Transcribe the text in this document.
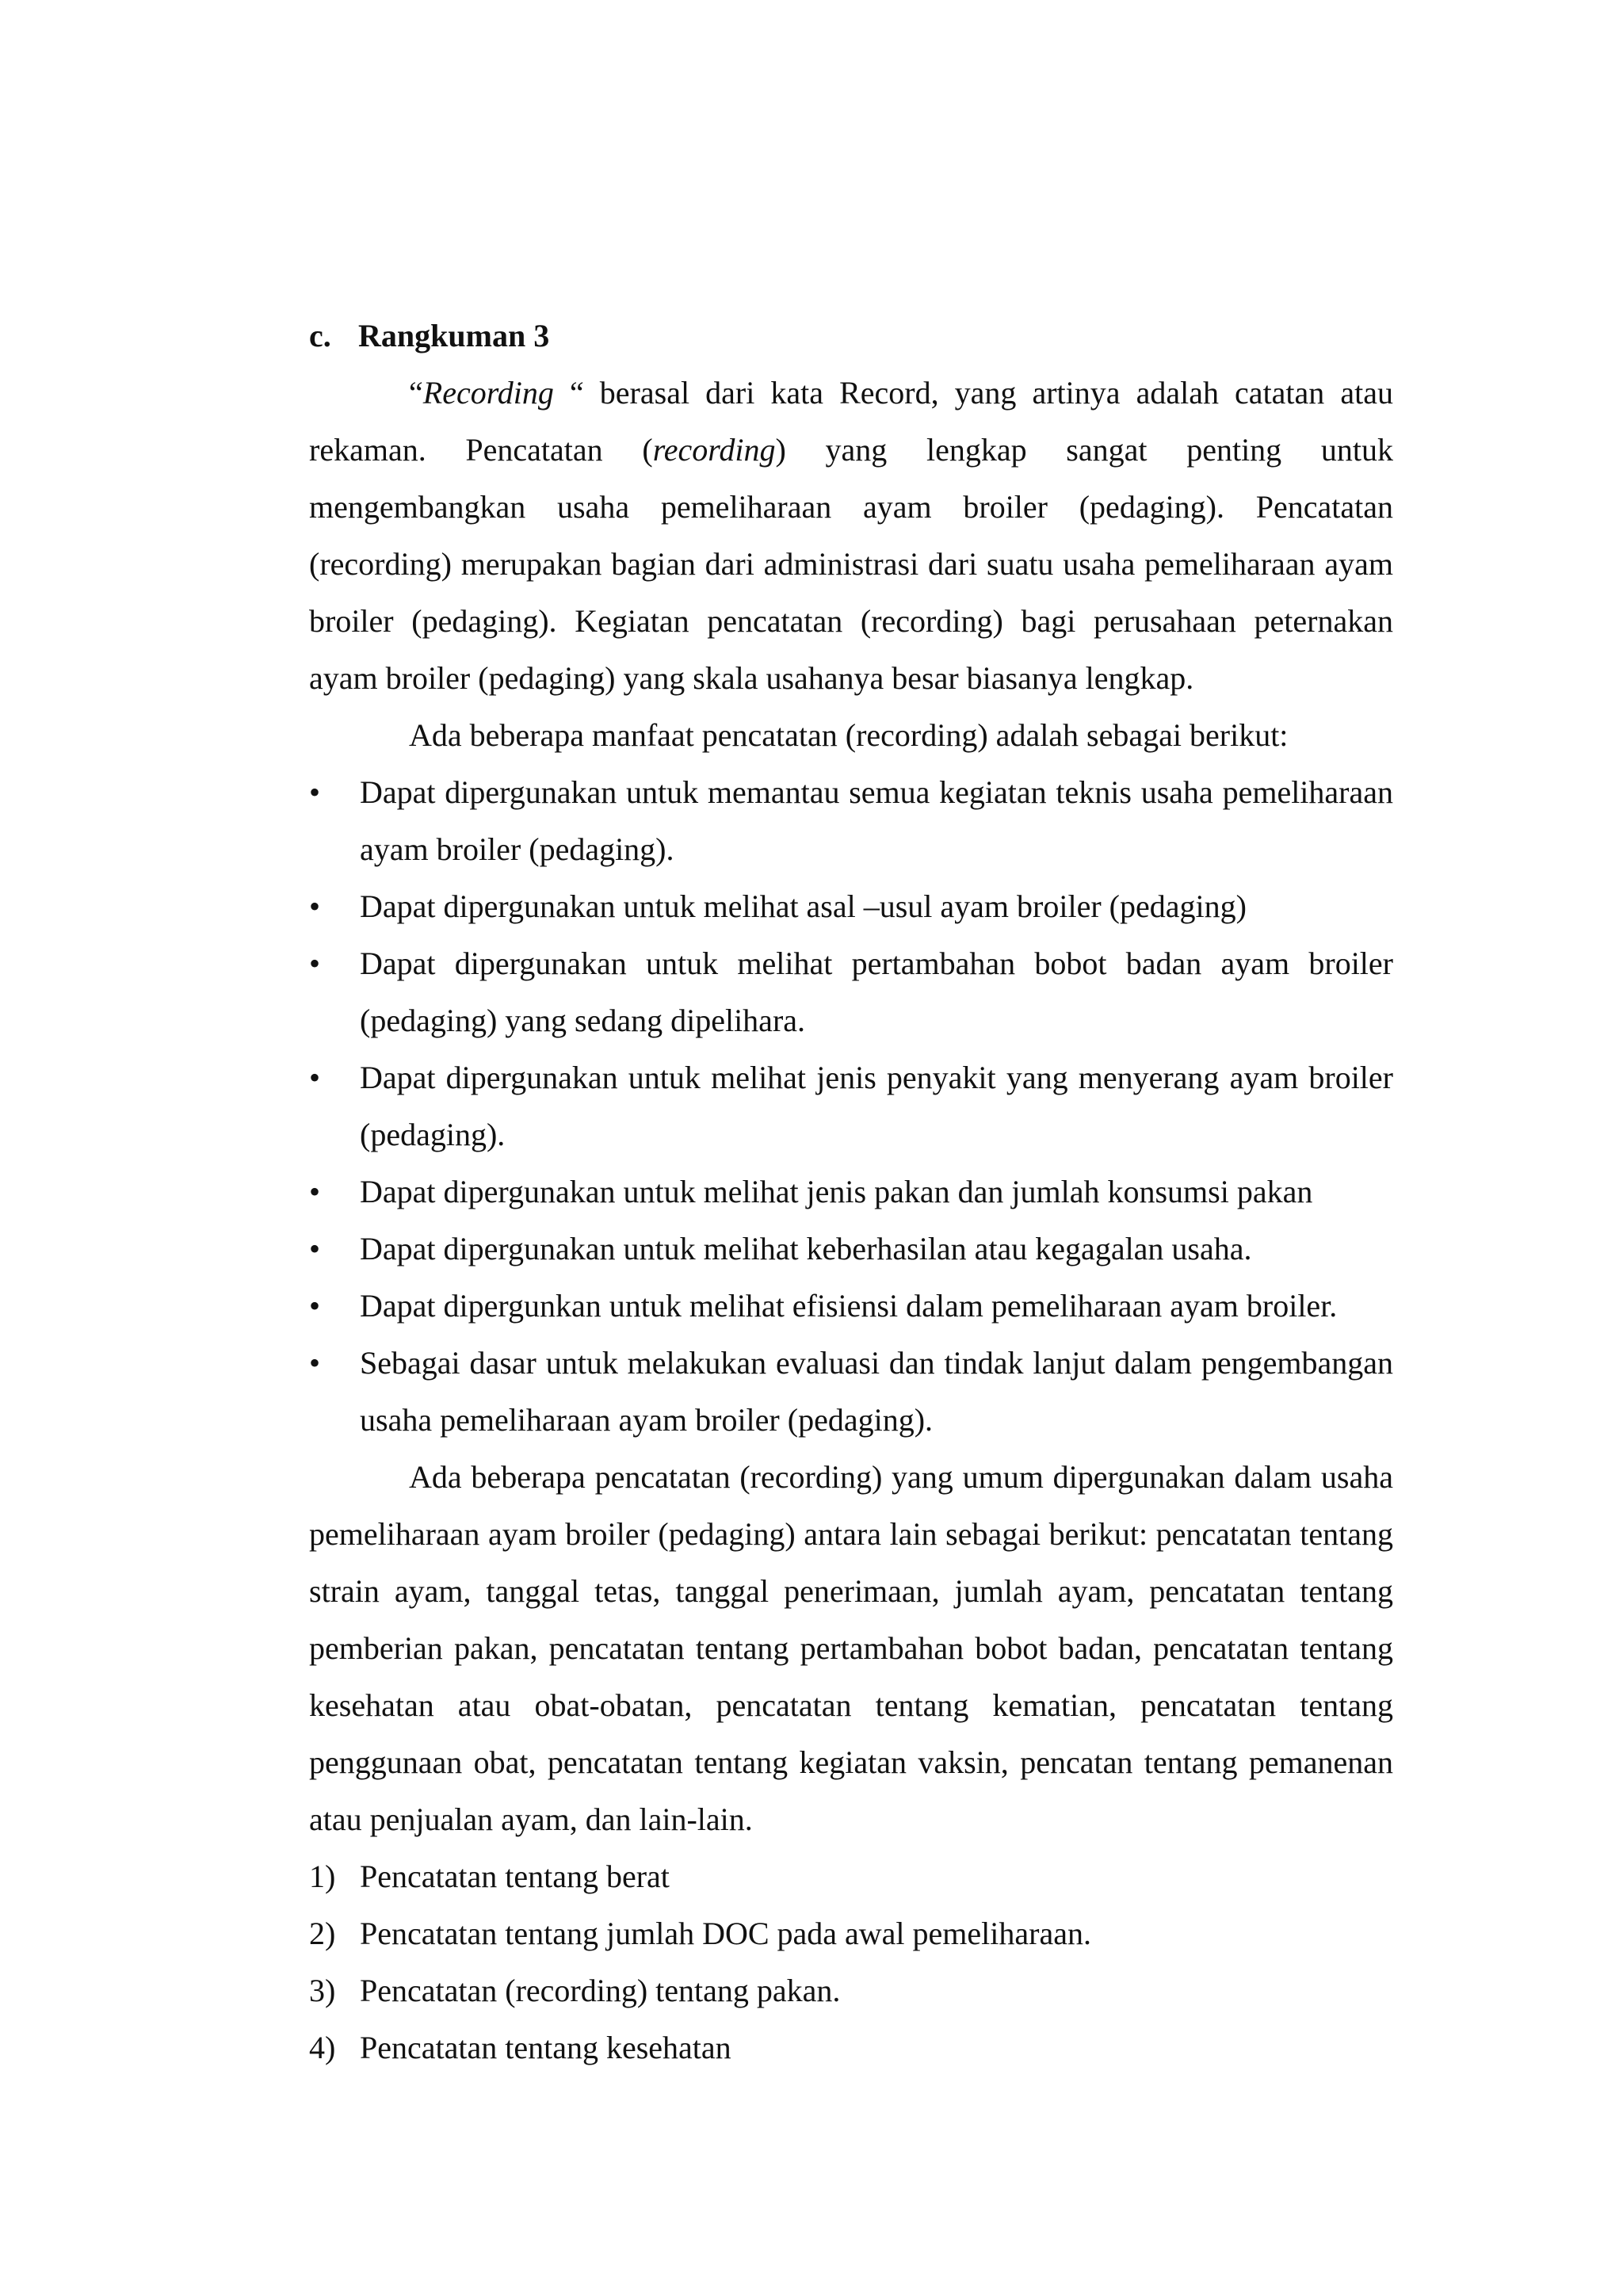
c. Rangkuman 3

“Recording “ berasal dari kata Record, yang artinya adalah catatan atau rekaman. Pencatatan (recording) yang lengkap sangat penting untuk mengembangkan usaha pemeliharaan ayam broiler (pedaging). Pencatatan (recording) merupakan bagian dari administrasi dari suatu usaha pemeliharaan ayam broiler (pedaging). Kegiatan pencatatan (recording) bagi perusahaan peternakan ayam broiler (pedaging) yang skala usahanya besar biasanya lengkap.

Ada beberapa manfaat pencatatan (recording) adalah sebagai berikut:

•	Dapat dipergunakan untuk memantau semua kegiatan teknis usaha pemeliharaan ayam broiler (pedaging).
•	Dapat dipergunakan untuk melihat asal –usul ayam broiler (pedaging)
•	Dapat dipergunakan untuk melihat pertambahan bobot badan ayam broiler (pedaging) yang sedang dipelihara.
•	Dapat dipergunakan untuk melihat jenis penyakit yang menyerang ayam broiler (pedaging).
•	Dapat dipergunakan untuk melihat jenis pakan dan jumlah konsumsi pakan
•	Dapat dipergunakan untuk melihat keberhasilan atau kegagalan usaha.
•	Dapat dipergunkan untuk melihat efisiensi dalam pemeliharaan ayam broiler.
•	Sebagai dasar untuk melakukan evaluasi dan tindak lanjut dalam pengembangan usaha pemeliharaan ayam broiler (pedaging).

Ada beberapa pencatatan (recording) yang umum dipergunakan dalam usaha pemeliharaan ayam broiler (pedaging) antara lain sebagai berikut: pencatatan tentang strain ayam, tanggal tetas, tanggal penerimaan, jumlah ayam, pencatatan tentang pemberian pakan, pencatatan tentang pertambahan bobot badan, pencatatan tentang kesehatan atau obat-obatan, pencatatan tentang kematian, pencatatan tentang penggunaan obat, pencatatan tentang kegiatan vaksin, pencatan tentang pemanenan atau penjualan ayam, dan lain-lain.

1) Pencatatan tentang berat
2) Pencatatan tentang jumlah DOC pada awal pemeliharaan.
3) Pencatatan (recording) tentang pakan.
4) Pencatatan tentang kesehatan
